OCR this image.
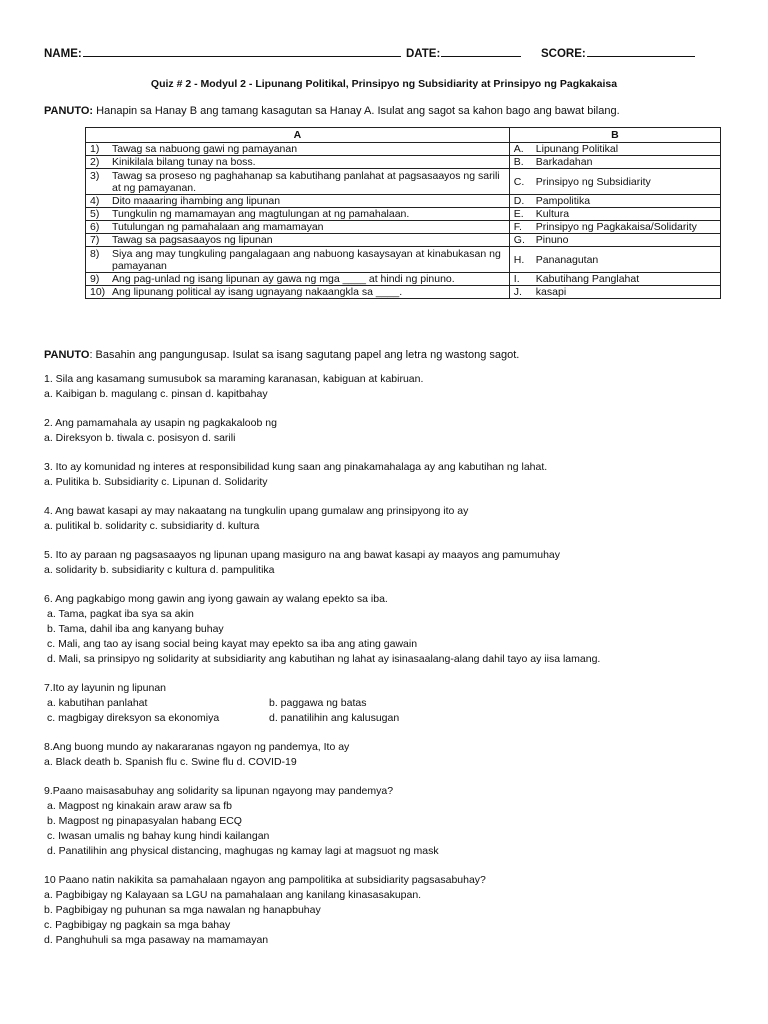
NAME:	DATE:	SCORE:
Quiz # 2 - Modyul 2 - Lipunang Politikal, Prinsipyo ng Subsidiarity at Prinsipyo ng Pagkakaisa
PANUTO: Hanapin sa Hanay B ang tamang kasagutan sa Hanay A. Isulat ang sagot sa kahon bago ang bawat bilang.
A	B
1) Tawag sa nabuong gawi ng pamayanan	A. Lipunang Politikal
2) Kinikilala bilang tunay na boss.	B. Barkadahan
3) Tawag sa proseso ng paghahanap sa kabutihang panlahat at pagsasaayos ng sarili at ng pamayanan.	C. Prinsipyo ng Subsidiarity
4) Dito maaaring ihambing ang lipunan	D. Pampolitika
5) Tungkulin ng mamamayan ang magtulungan at ng pamahalaan.	E. Kultura
6) Tutulungan ng pamahalaan ang mamamayan	F. Prinsipyo ng Pagkakaisa/Solidarity
7) Tawag sa pagsasaayos ng lipunan	G. Pinuno
8) Siya ang may tungkuling pangalagaan ang nabuong kasaysayan at kinabukasan ng pamayanan	H. Pananagutan
9) Ang pag-unlad ng isang lipunan ay gawa ng mga ____ at hindi ng pinuno.	I. Kabutihang Panglahat
10) Ang lipunang political ay isang ugnayang nakaangkla sa ____.	J. kasapi
PANUTO: Basahin ang pangungusap. Isulat sa isang sagutang papel ang letra ng wastong sagot.
1. Sila ang kasamang sumusubok sa maraming karanasan, kabiguan at kabiruan.
a. Kaibigan b. magulang c. pinsan d. kapitbahay
2. Ang pamamahala ay usapin ng pagkakaloob ng
a. Direksyon b. tiwala c. posisyon d. sarili
3. Ito ay komunidad ng interes at responsibilidad kung saan ang pinakamahalaga ay ang kabutihan ng lahat.
a. Pulitika b. Subsidiarity c. Lipunan d. Solidarity
4. Ang bawat kasapi ay may nakaatang na tungkulin upang gumalaw ang prinsipyong ito ay
a. pulitikal b. solidarity c. subsidiarity d. kultura
5. Ito ay paraan ng pagsasaayos ng lipunan upang masiguro na ang bawat kasapi ay maayos ang pamumuhay
a. solidarity b. subsidiarity c kultura d. pampulitika
6. Ang pagkabigo mong gawin ang iyong gawain ay walang epekto sa iba.
a. Tama, pagkat iba sya sa akin
b. Tama, dahil iba ang kanyang buhay
c. Mali, ang tao ay isang social being kayat may epekto sa iba ang ating gawain
d. Mali, sa prinsipyo ng solidarity at subsidiarity ang kabutihan ng lahat ay isinasaalang-alang dahil tayo ay iisa lamang.
7.Ito ay layunin ng lipunan
a. kabutihan panlahat	b. paggawa ng batas
c. magbigay direksyon sa ekonomiya	d. panatilihin ang kalusugan
8.Ang buong mundo ay nakararanas ngayon ng pandemya, Ito ay
a. Black death b. Spanish flu c. Swine flu d. COVID-19
9.Paano maisasabuhay ang solidarity sa lipunan ngayong may pandemya?
a. Magpost ng kinakain araw araw sa fb
b. Magpost ng pinapasyalan habang ECQ
c. Iwasan umalis ng bahay kung hindi kailangan
d. Panatilihin ang physical distancing, maghugas ng kamay lagi at magsuot ng mask
10 Paano natin nakikita sa pamahalaan ngayon ang pampolitika at subsidiarity pagsasabuhay?
a. Pagbibigay ng Kalayaan sa LGU na pamahalaan ang kanilang kinasasakupan.
b. Pagbibigay ng puhunan sa mga nawalan ng hanapbuhay
c. Pagbibigay ng pagkain sa mga bahay
d. Panghuhuli sa mga pasaway na mamamayan
